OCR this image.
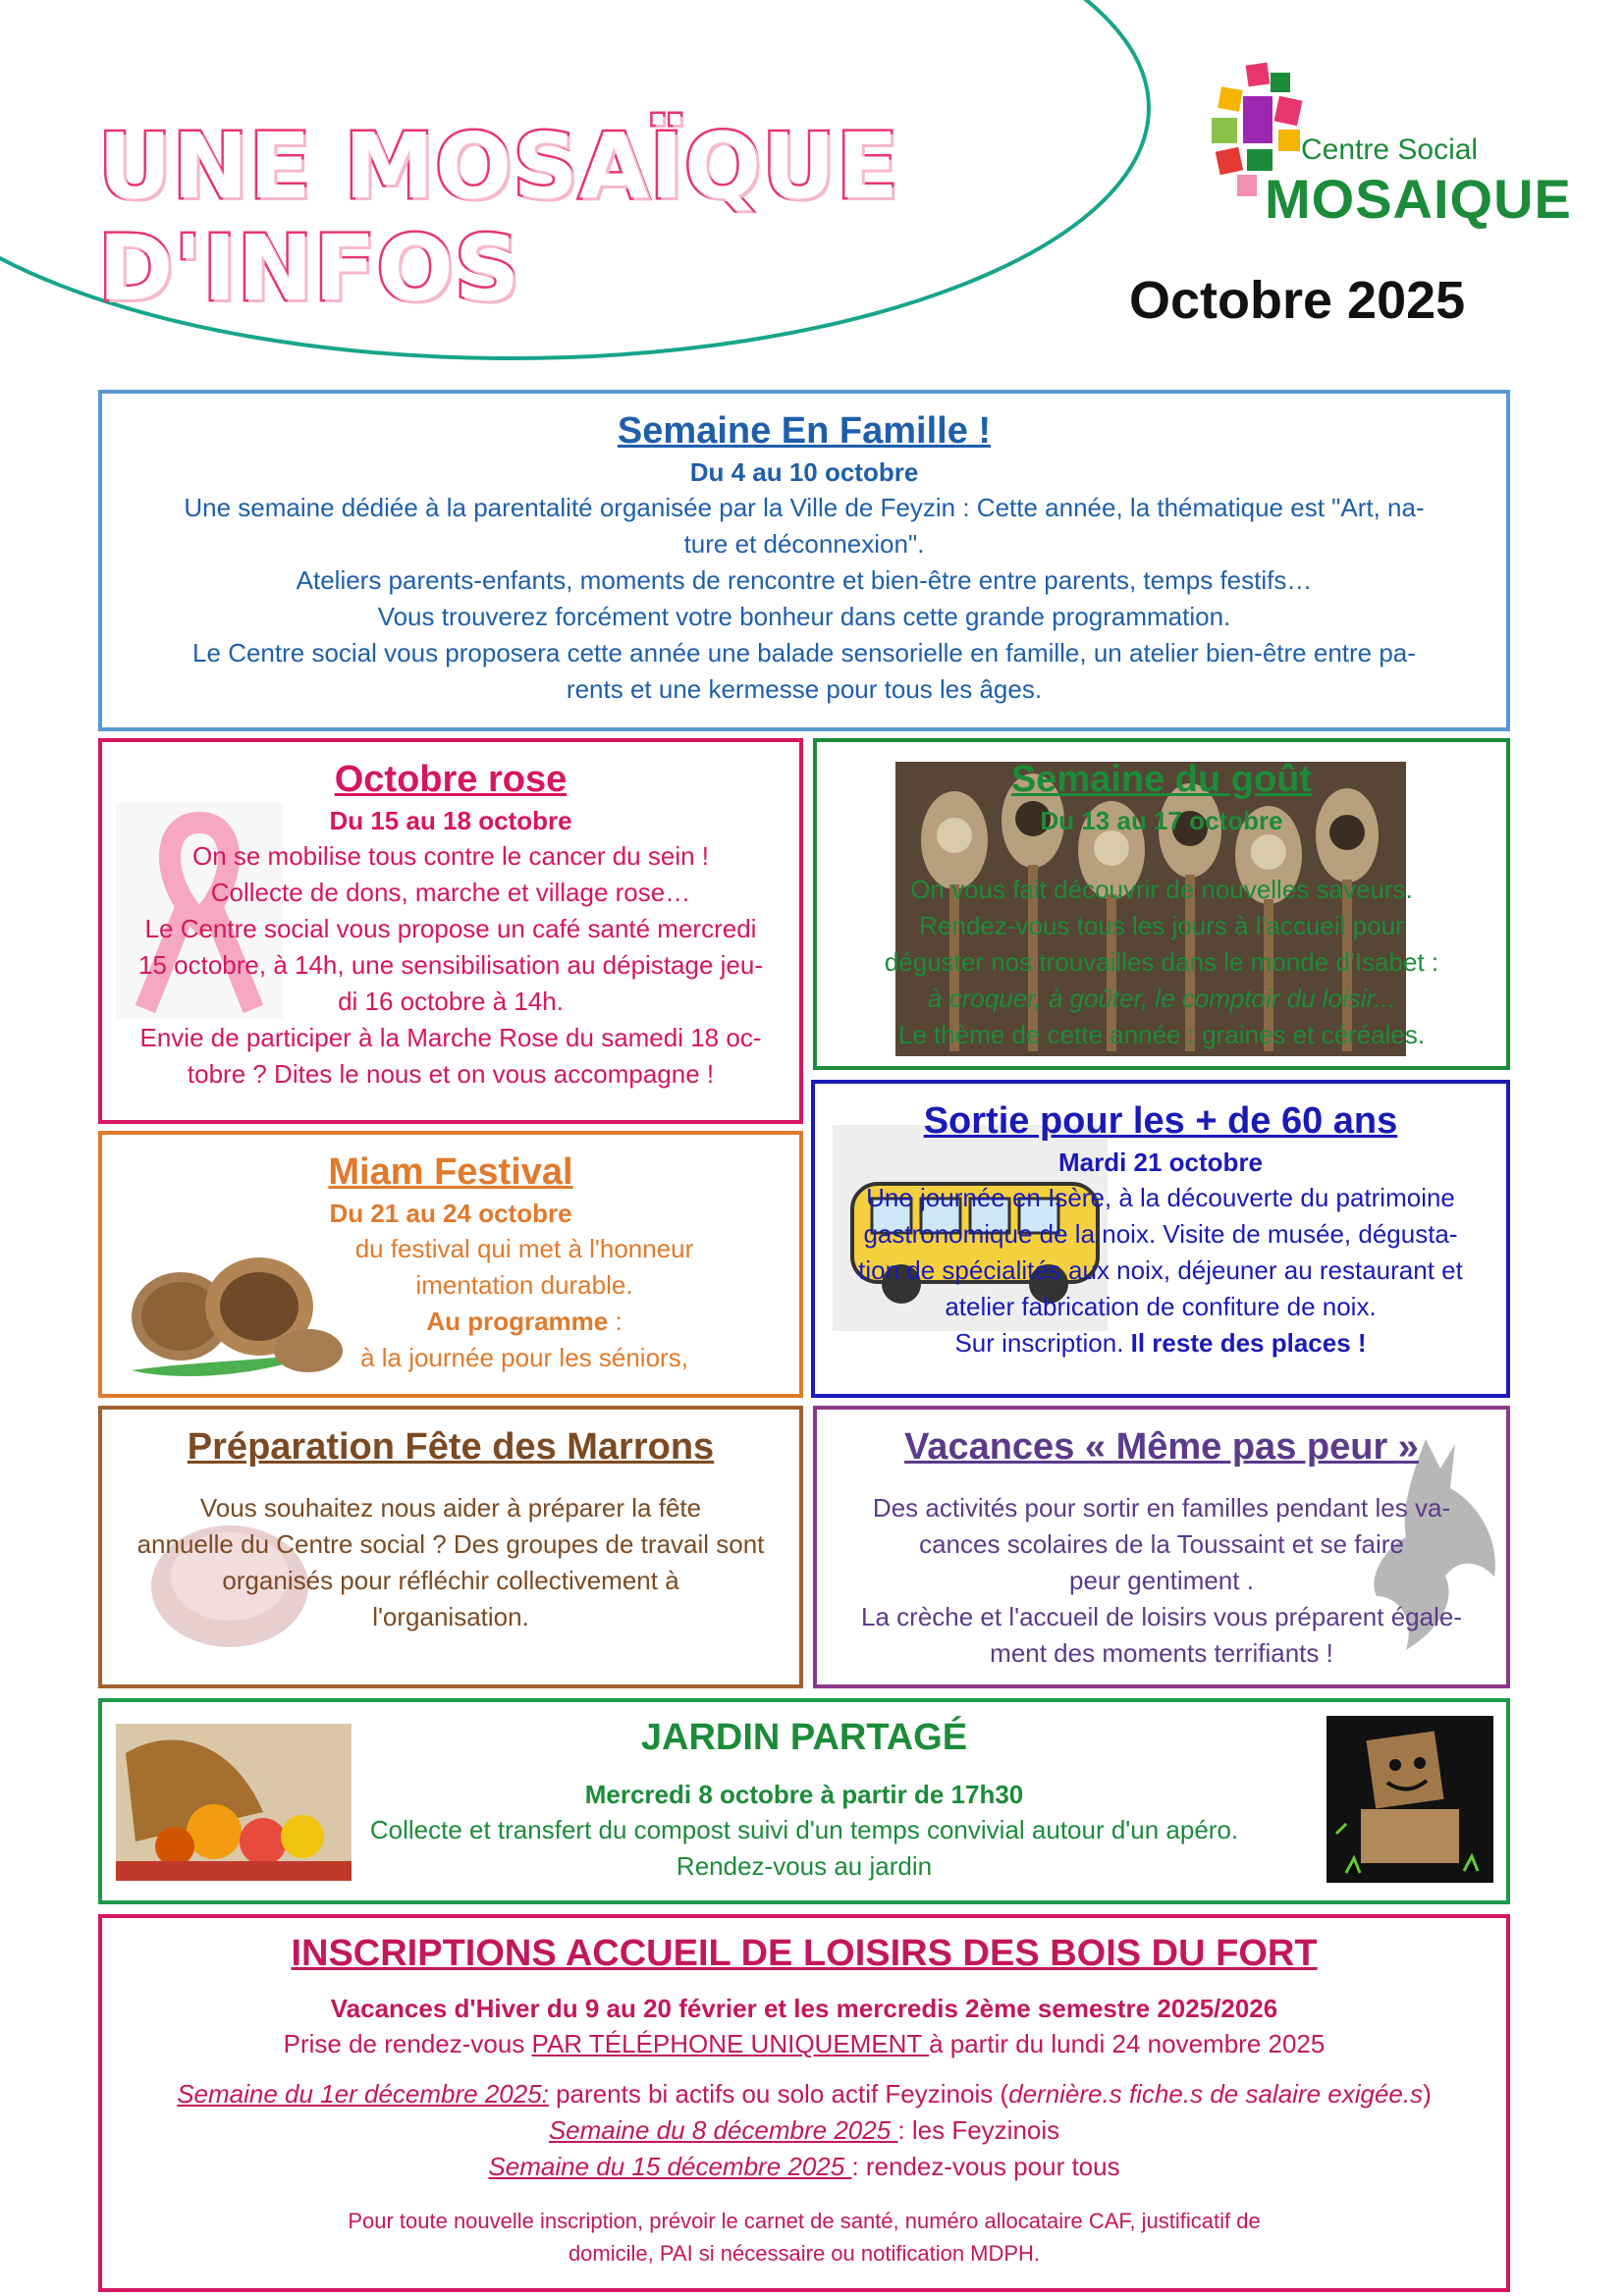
UNE MOSAÏQUE
D'INFOS
Centre Social
MOSAIQUE
Octobre 2025
Semaine En Famille !
Du 4 au 10 octobre
Une semaine dédiée à la parentalité organisée par la Ville de Feyzin : Cette année, la thématique est "Art, na-
ture et déconnexion".
Ateliers parents-enfants, moments de rencontre et bien-être entre parents, temps festifs…
Vous trouverez forcément votre bonheur dans cette grande programmation.
Le Centre social vous proposera cette année une balade sensorielle en famille, un atelier bien-être entre pa-
rents et une kermesse pour tous les âges.
Octobre rose
Du 15 au 18 octobre
On se mobilise tous contre le cancer du sein !
Collecte de dons, marche et village rose…
Le Centre social vous propose un café santé mercredi
15 octobre, à 14h, une sensibilisation au dépistage jeu-
di 16 octobre à 14h.
Envie de participer à la Marche Rose du samedi 18 oc-
tobre ? Dites le nous et on vous accompagne !
Semaine du goût
Du 13 au 17 octobre
On vous fait découvrir de nouvelles saveurs.
Rendez-vous tous les jours à l'accueil pour
déguster nos trouvailles dans le monde d'Isabet :
à croquer, à goûter, le comptoir du loisir...
Le thème de cette année : graines et céréales.
Miam Festival
Du 21 au 24 octobre
du festival qui met à l'honneur
imentation durable.
Au programme :
à la journée pour les séniors,
Sortie pour les + de 60 ans
Mardi 21 octobre
Une journée en Isère, à la découverte du patrimoine
gastronomique de la noix. Visite de musée, dégusta-
tion de spécialités aux noix, déjeuner au restaurant et
atelier fabrication de confiture de noix.
Sur inscription. Il reste des places !
Préparation Fête des Marrons
Vous souhaitez nous aider à préparer la fête
annuelle du Centre social ? Des groupes de travail sont
organisés pour réfléchir collectivement à
l'organisation.
Vacances « Même pas peur »
Des activités pour sortir en familles pendant les va-
cances scolaires de la Toussaint et se faire
peur gentiment .
La crèche et l'accueil de loisirs vous préparent égale-
ment des moments terrifiants !
JARDIN PARTAGÉ
Mercredi 8 octobre à partir de 17h30
Collecte et transfert du compost suivi d'un temps convivial autour d'un apéro.
Rendez-vous au jardin
INSCRIPTIONS ACCUEIL DE LOISIRS DES BOIS DU FORT
Vacances d'Hiver du 9 au 20 février et les mercredis 2ème semestre 2025/2026
Prise de rendez-vous PAR TÉLÉPHONE UNIQUEMENT à partir du lundi 24 novembre 2025
Semaine du 1er décembre 2025: parents bi actifs ou solo actif Feyzinois (dernière.s fiche.s de salaire exigée.s)
Semaine du 8 décembre 2025 : les Feyzinois
Semaine du 15 décembre 2025 : rendez-vous pour tous
Pour toute nouvelle inscription, prévoir le carnet de santé, numéro allocataire CAF, justificatif de
domicile, PAI si nécessaire ou notification MDPH.
